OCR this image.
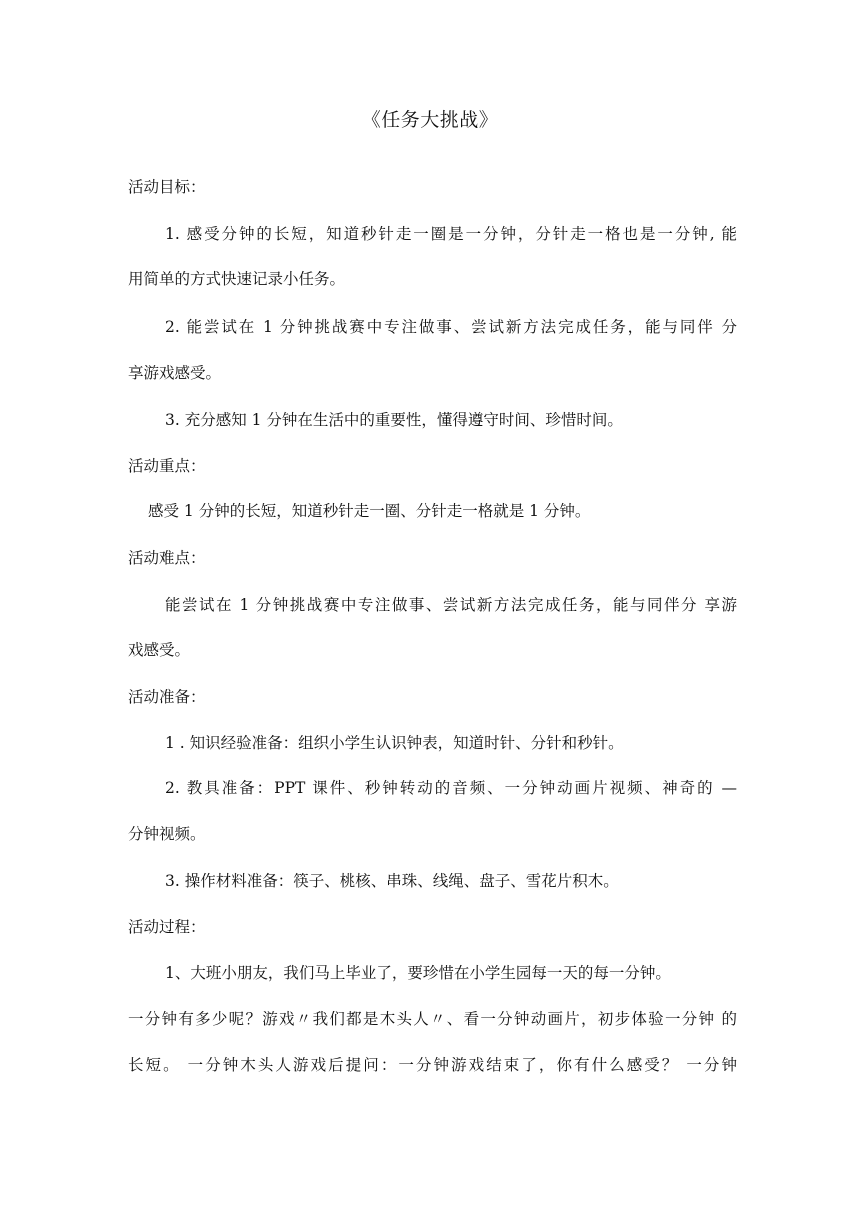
《任务大挑战》
活动目标：
1. 感受分钟的长短，知道秒针走一圈是一分钟，分针走一格也是一分钟, 能
用简单的方式快速记录小任务。
2. 能尝试在 1 分钟挑战赛中专注做事、尝试新方法完成任务，能与同伴 分
享游戏感受。
3. 充分感知 1 分钟在生活中的重要性，懂得遵守时间、珍惜时间。
活动重点：
感受 1 分钟的长短，知道秒针走一圈、分针走一格就是 1 分钟。
活动难点：
能尝试在 1 分钟挑战赛中专注做事、尝试新方法完成任务，能与同伴分 享游
戏感受。
活动准备：
1 . 知识经验准备：组织小学生认识钟表，知道时针、分针和秒针。
2. 教具准备：PPT 课件、秒钟转动的音频、一分钟动画片视频、神奇的 —
分钟视频。
3. 操作材料准备：筷子、桃核、串珠、线绳、盘子、雪花片积木。
活动过程：
1、大班小朋友，我们马上毕业了，要珍惜在小学生园每一天的每一分钟。
一分钟有多少呢？游戏〃我们都是木头人〃、看一分钟动画片，初步体验一分钟 的
长短。 一分钟木头人游戏后提问：一分钟游戏结束了，你有什么感受？ 一分钟
